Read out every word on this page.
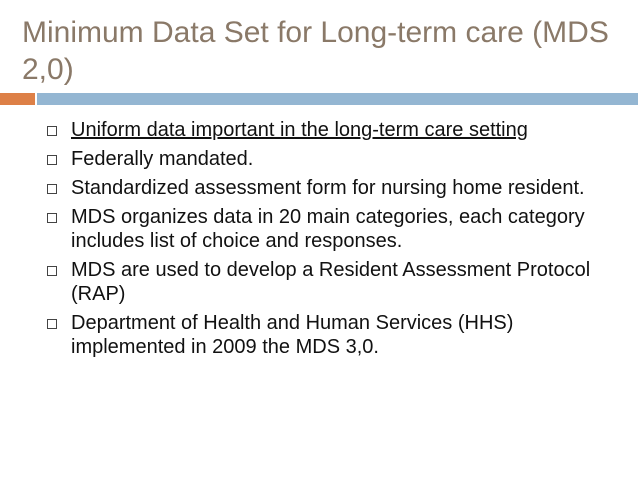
Minimum Data Set for Long-term care (MDS
2,0)
Uniform data important in the long-term care setting
Federally mandated.
Standardized assessment form for nursing home resident.
MDS organizes data in 20 main categories, each category includes list of choice and responses.
MDS are used to develop a Resident Assessment Protocol (RAP)
Department of Health and Human Services (HHS) implemented in 2009 the MDS 3,0.
